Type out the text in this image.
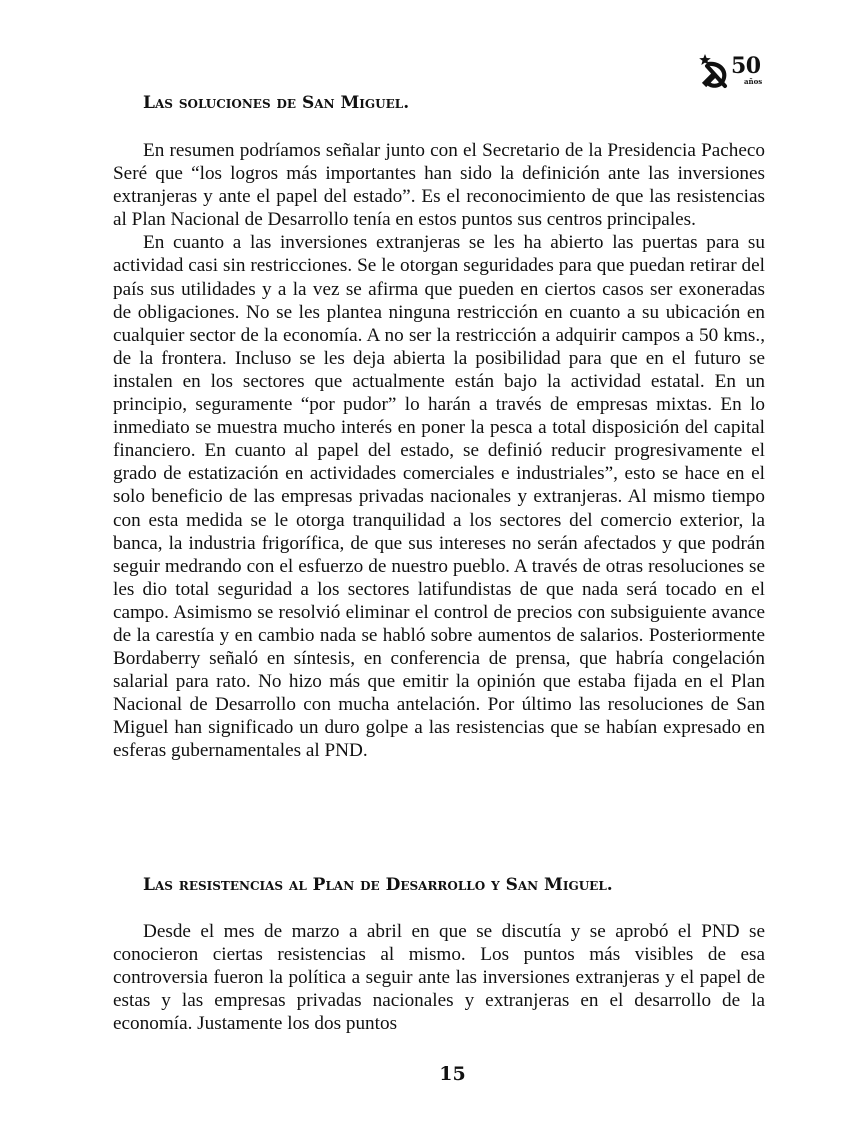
50
años
Las soluciones de San Miguel.

En resumen podríamos señalar junto con el Secretario de la Presidencia Pacheco Seré que “los logros más importantes han sido la definición ante las inversiones extranjeras y ante el papel del estado”. Es el reconocimiento de que las resistencias al Plan Nacional de Desarrollo tenía en estos puntos sus centros principales.

En cuanto a las inversiones extranjeras se les ha abierto las puertas para su actividad casi sin restricciones. Se le otorgan seguridades para que puedan retirar del país sus utilidades y a la vez se afirma que pueden en ciertos casos ser exoneradas de obligaciones. No se les plantea ninguna restricción en cuanto a su ubicación en cualquier sector de la economía. A no ser la restricción a adquirir campos a 50 kms., de la frontera. Incluso se les deja abierta la posibilidad para que en el futuro se instalen en los sectores que actualmente están bajo la actividad estatal. En un principio, seguramente “por pudor” lo harán a través de empresas mixtas. En lo inmediato se muestra mucho interés en poner la pesca a total disposición del capital financiero. En cuanto al papel del estado, se definió reducir progresivamente el grado de estatización en actividades comerciales e industriales”, esto se hace en el solo beneficio de las empresas privadas nacionales y extranjeras. Al mismo tiempo con esta medida se le otorga tranquilidad a los sectores del comercio exterior, la banca, la industria frigorífica, de que sus intereses no serán afectados y que podrán seguir medrando con el esfuerzo de nuestro pueblo. A través de otras resoluciones se les dio total seguridad a los sectores latifundistas de que nada será tocado en el campo. Asimismo se resolvió eliminar el control de precios con subsiguiente avance de la carestía y en cambio nada se habló sobre aumentos de salarios. Posteriormente Bordaberry señaló en síntesis, en conferencia de prensa, que habría congelación salarial para rato. No hizo más que emitir la opinión que estaba fijada en el Plan Nacional de Desarrollo con mucha antelación. Por último las resoluciones de San Miguel han significado un duro golpe a las resistencias que se habían expresado en esferas gubernamentales al PND.

Las resistencias al Plan de Desarrollo y San Miguel.

Desde el mes de marzo a abril en que se discutía y se aprobó el PND se conocieron ciertas resistencias al mismo. Los puntos más visibles de esa controversia fueron la política a seguir ante las inversiones extranjeras y el papel de estas y las empresas privadas nacionales y extranjeras en el desarrollo de la economía. Justamente los dos puntos

15
